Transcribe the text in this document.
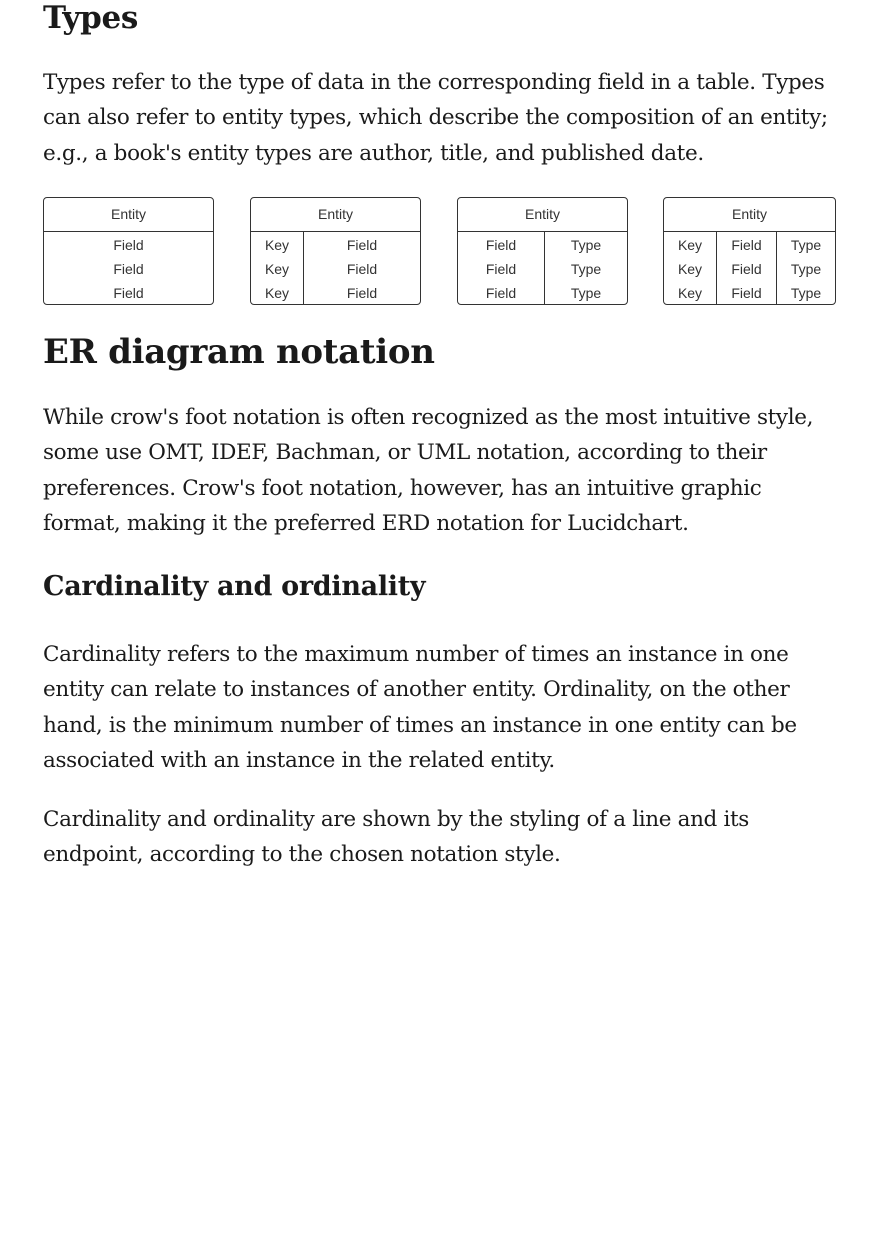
Types

Types refer to the type of data in the corresponding field in a table. Types
can also refer to entity types, which describe the composition of an entity;
e.g., a book's entity types are author, title, and published date.

Entity
Field
Field
Field
Entity
Key
Key
Key
Field
Field
Field
Entity
Field
Field
Field
Type
Type
Type
Entity
Key
Key
Key
Field
Field
Field
Type
Type
Type
ER diagram notation

While crow's foot notation is often recognized as the most intuitive style,
some use OMT, IDEF, Bachman, or UML notation, according to their
preferences. Crow's foot notation, however, has an intuitive graphic
format, making it the preferred ERD notation for Lucidchart.

Cardinality and ordinality

Cardinality refers to the maximum number of times an instance in one
entity can relate to instances of another entity. Ordinality, on the other
hand, is the minimum number of times an instance in one entity can be
associated with an instance in the related entity.

Cardinality and ordinality are shown by the styling of a line and its
endpoint, according to the chosen notation style.
